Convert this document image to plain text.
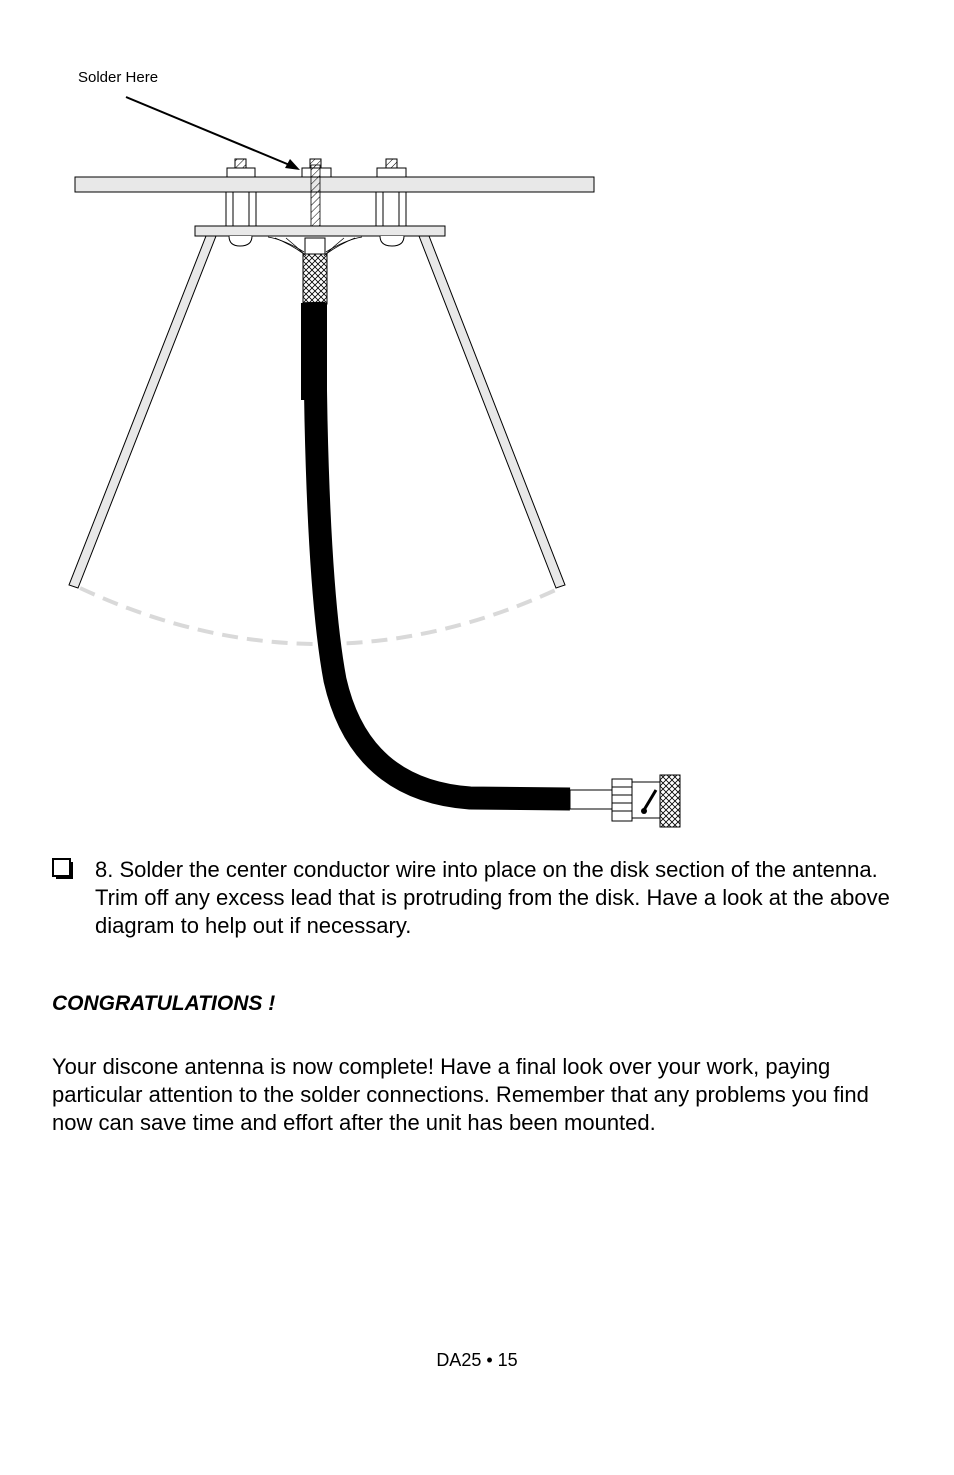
Solder Here

8. Solder the center conductor wire into place on the disk section of the antenna. Trim off any excess lead that is protruding from the disk. Have a look at the above diagram to help out if necessary.

CONGRATULATIONS !

Your discone antenna is now complete! Have a final look over your work, paying particular attention to the solder connections. Remember that any problems you find now can save time and effort after the unit has been mounted.

DA25 • 15
